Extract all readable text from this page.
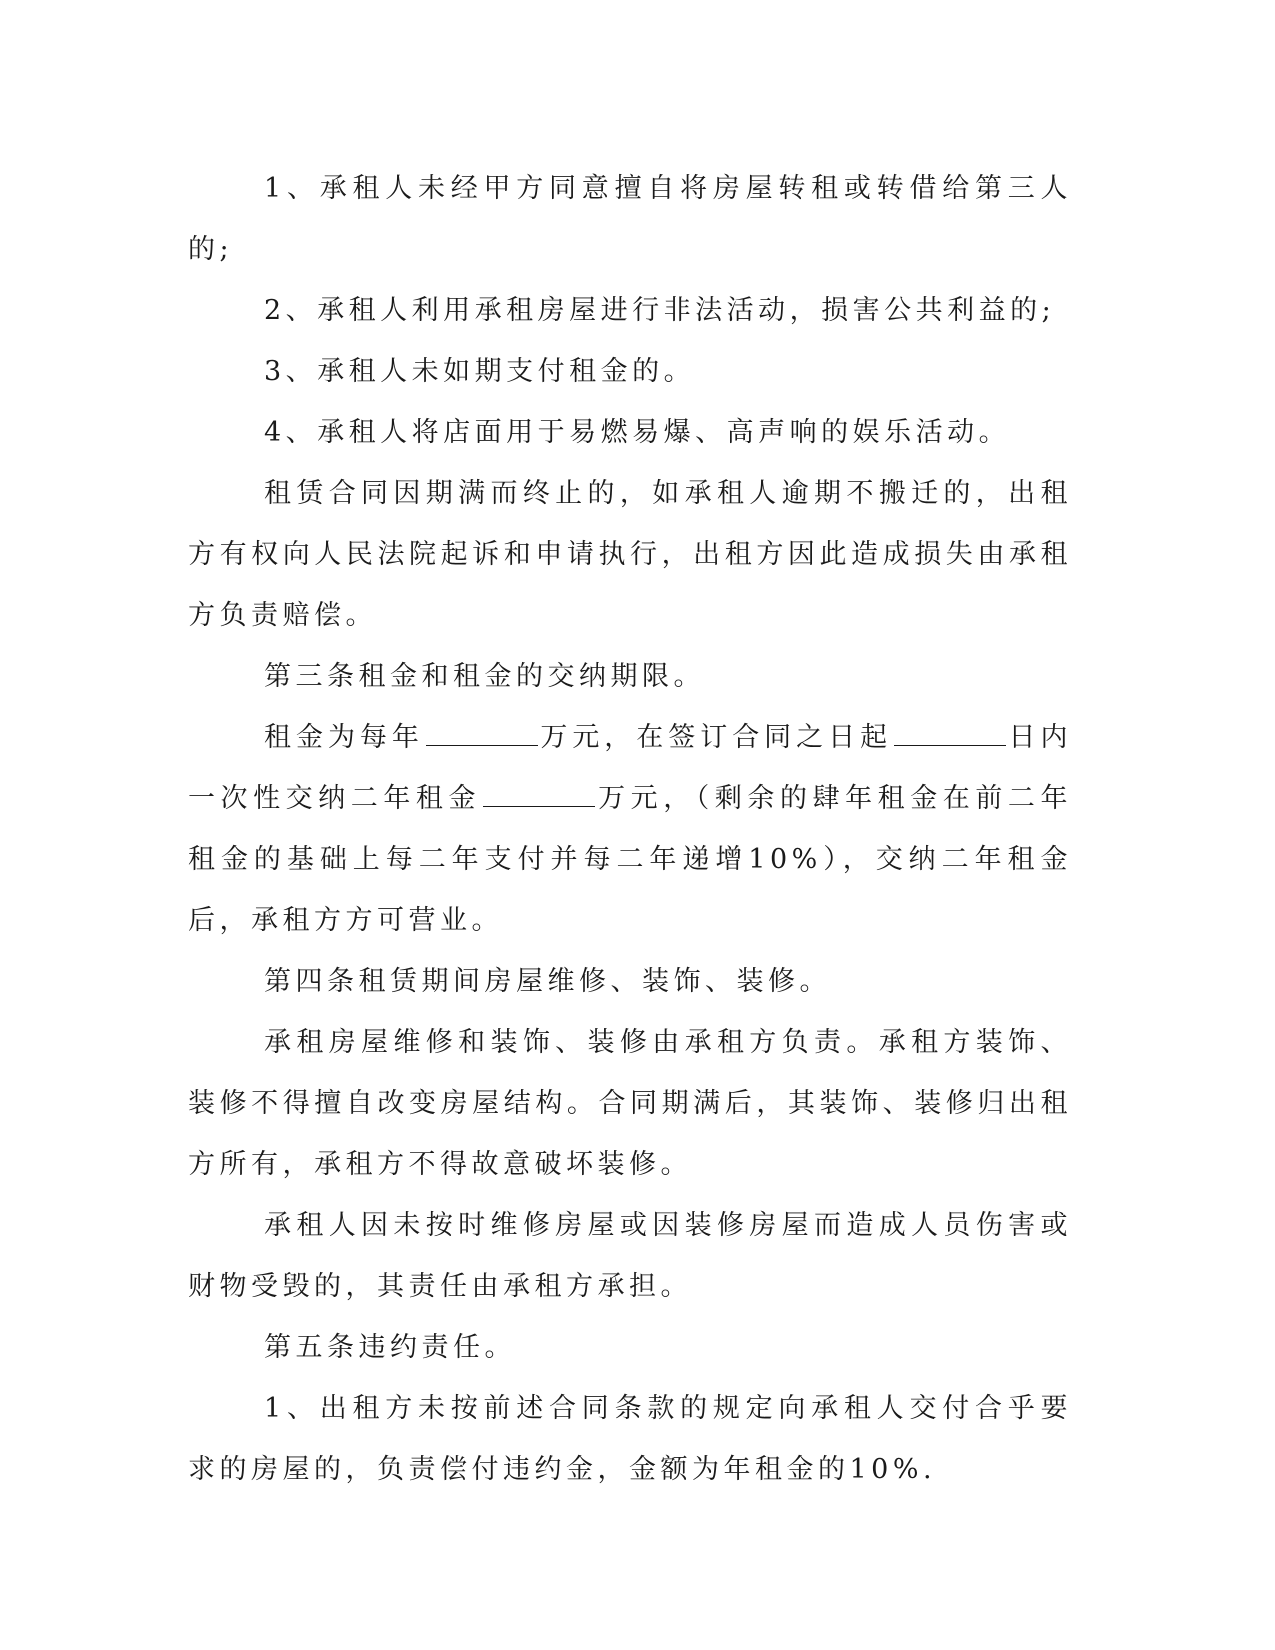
1、承租人未经甲方同意擅自将房屋转租或转借给第三人的;

2、承租人利用承租房屋进行非法活动，损害公共利益的;

3、承租人未如期支付租金的。

4、承租人将店面用于易燃易爆、高声响的娱乐活动。

租赁合同因期满而终止的，如承租人逾期不搬迁的，出租方有权向人民法院起诉和申请执行，出租方因此造成损失由承租方负责赔偿。

第三条租金和租金的交纳期限。

租金为每年	万元，在签订合同之日起	日内一次性交纳二年租金	万元，（剩余的肆年租金在前二年租金的基础上每二年支付并每二年递增10%），交纳二年租金后，承租方方可营业。

第四条租赁期间房屋维修、装饰、装修。

承租房屋维修和装饰、装修由承租方负责。承租方装饰、装修不得擅自改变房屋结构。合同期满后，其装饰、装修归出租方所有，承租方不得故意破坏装修。

承租人因未按时维修房屋或因装修房屋而造成人员伤害或财物受毁的，其责任由承租方承担。

第五条违约责任。

1、出租方未按前述合同条款的规定向承租人交付合乎要求的房屋的，负责偿付违约金，金额为年租金的10%.
